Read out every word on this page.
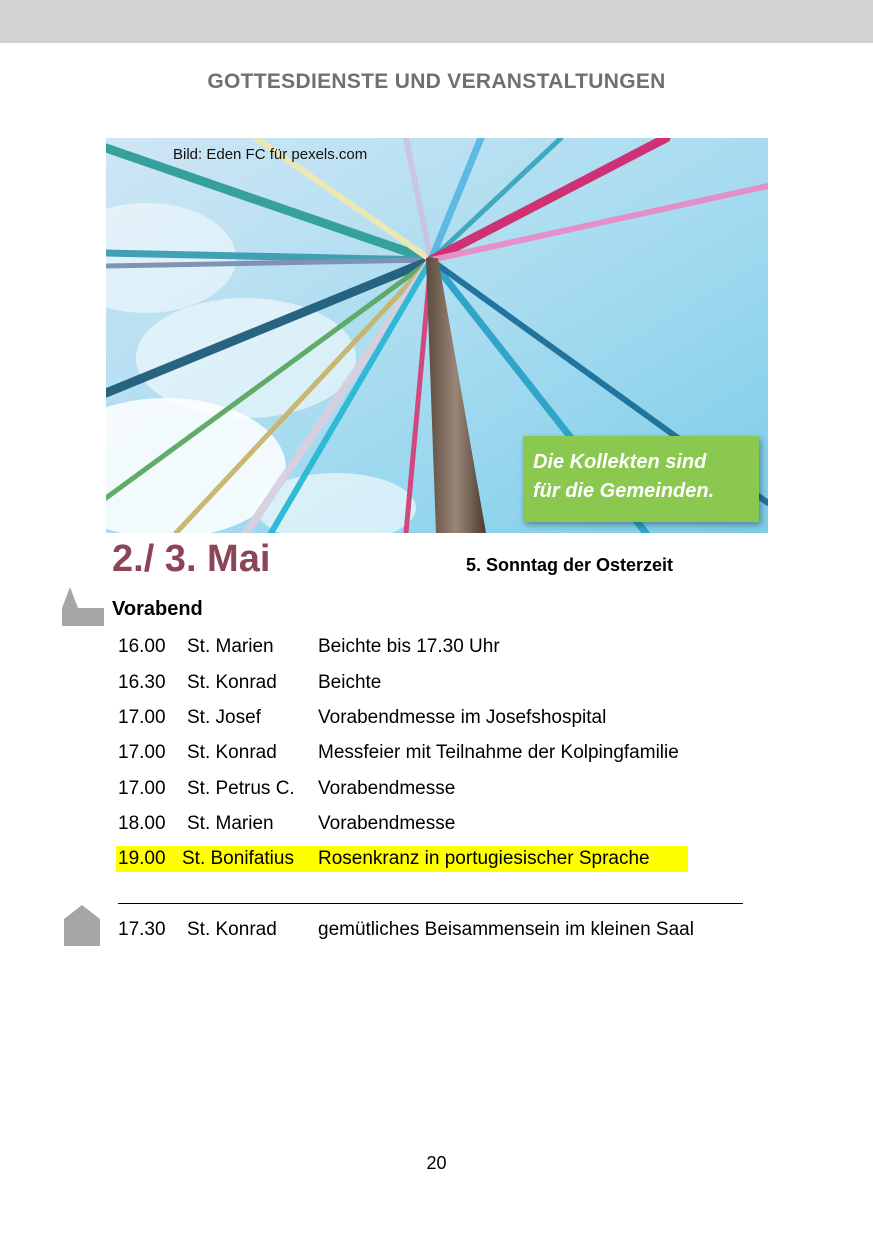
GOTTESDIENSTE UND VERANSTALTUNGEN
Bild: Eden FC für pexels.com
Die Kollekten sind
für die Gemeinden.
2./ 3. Mai	5. Sonntag der Osterzeit
Vorabend
16.00 St. Marien Beichte bis 17.30 Uhr
16.30 St. Konrad Beichte
17.00 St. Josef	Vorabendmesse im Josefshospital
17.00 St. Konrad Messfeier mit Teilnahme der Kolpingfamilie
17.00 St. Petrus C. Vorabendmesse
18.00 St. Marien Vorabendmesse
19.00 St. Bonifatius Rosenkranz in portugiesischer Sprache
17.30 St. Konrad gemütliches Beisammensein im kleinen Saal
20
